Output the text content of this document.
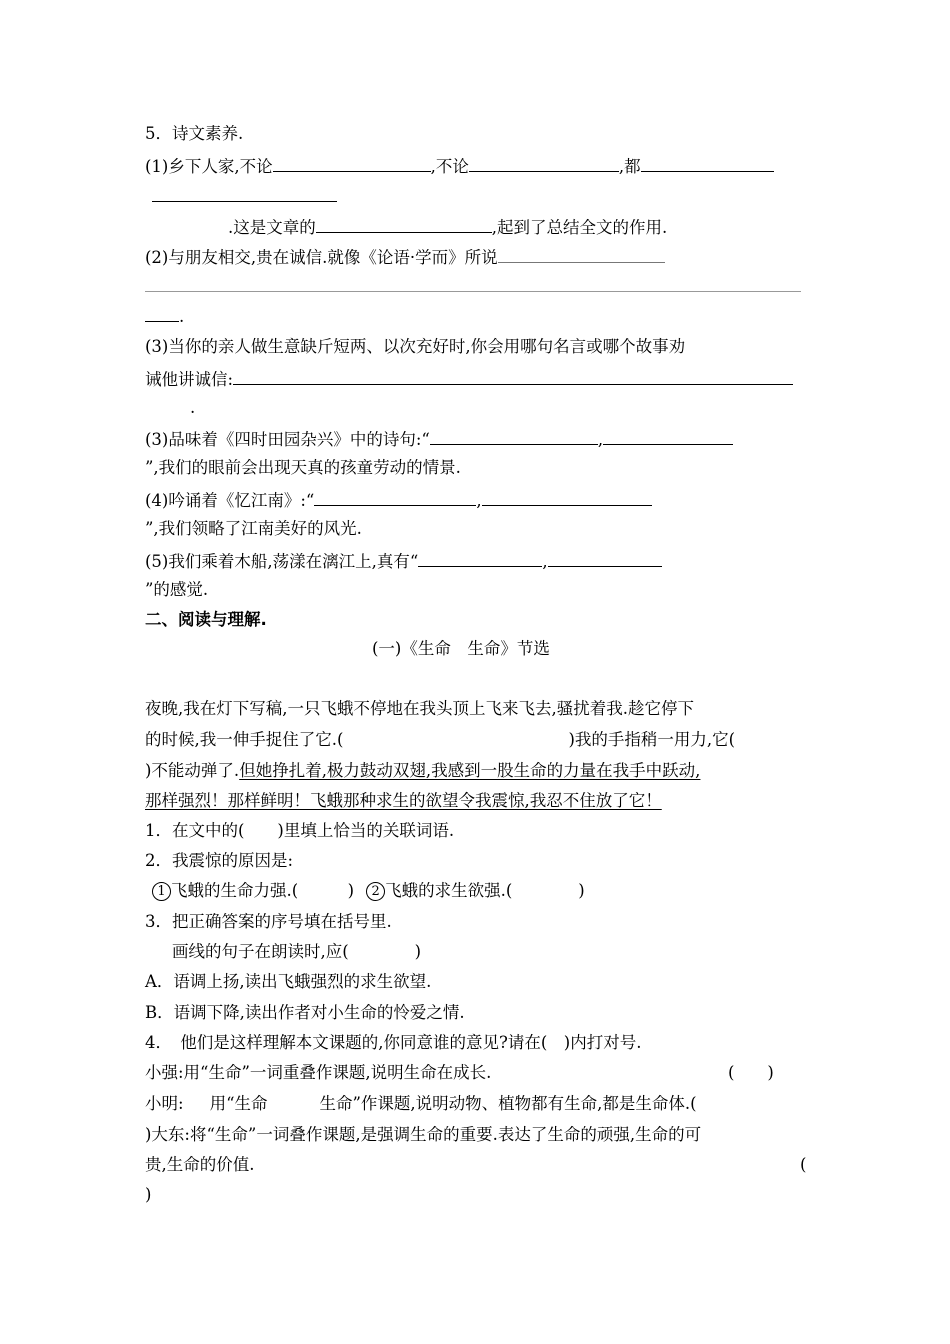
5．诗文素养.
(1)乡下人家,不论	,不论	,都
.这是文章的	,起到了总结全文的作用.
(2)与朋友相交,贵在诚信.就像《论语·学而》所说
.
(3)当你的亲人做生意缺斤短两、以次充好时,你会用哪句名言或哪个故事劝
诫他讲诚信:
.
(3)品味着《四时田园杂兴》中的诗句:“	,
”,我们的眼前会出现天真的孩童劳动的情景.
(4)吟诵着《忆江南》:“	,
”,我们领略了江南美好的风光.
(5)我们乘着木船,荡漾在漓江上,真有“	,
”的感觉.
二、阅读与理解.
(一)《生命　生命》节选
夜晚,我在灯下写稿,一只飞蛾不停地在我头顶上飞来飞去,骚扰着我.趁它停下
的时候,我一伸手捉住了它.(	)我的手指稍一用力,它(
)不能动弹了.但她挣扎着,极力鼓动双翅,我感到一股生命的力量在我手中跃动,
那样强烈！那样鲜明！飞蛾那种求生的欲望令我震惊,我忍不住放了它！
1．在文中的(　　)里填上恰当的关联词语.
2．我震惊的原因是:
1 飞蛾的生命力强.(　　　) 2 飞蛾的求生欲强.(　　　　)
3．把正确答案的序号填在括号里.
画线的句子在朗读时,应(　　　　)
A．语调上扬,读出飞蛾强烈的求生欲望.
B．语调下降,读出作者对小生命的怜爱之情.
4．　他们是这样理解本文课题的,你同意谁的意见?请在(　)内打对号.
小强:用“生命”一词重叠作课题,说明生命在成长.	(　　)
小明: 用“生命	生命”作课题,说明动物、植物都有生命,都是生命体.(
)大东:将“生命”一词叠作课题,是强调生命的重要.表达了生命的顽强,生命的可
贵,生命的价值.	(
)
